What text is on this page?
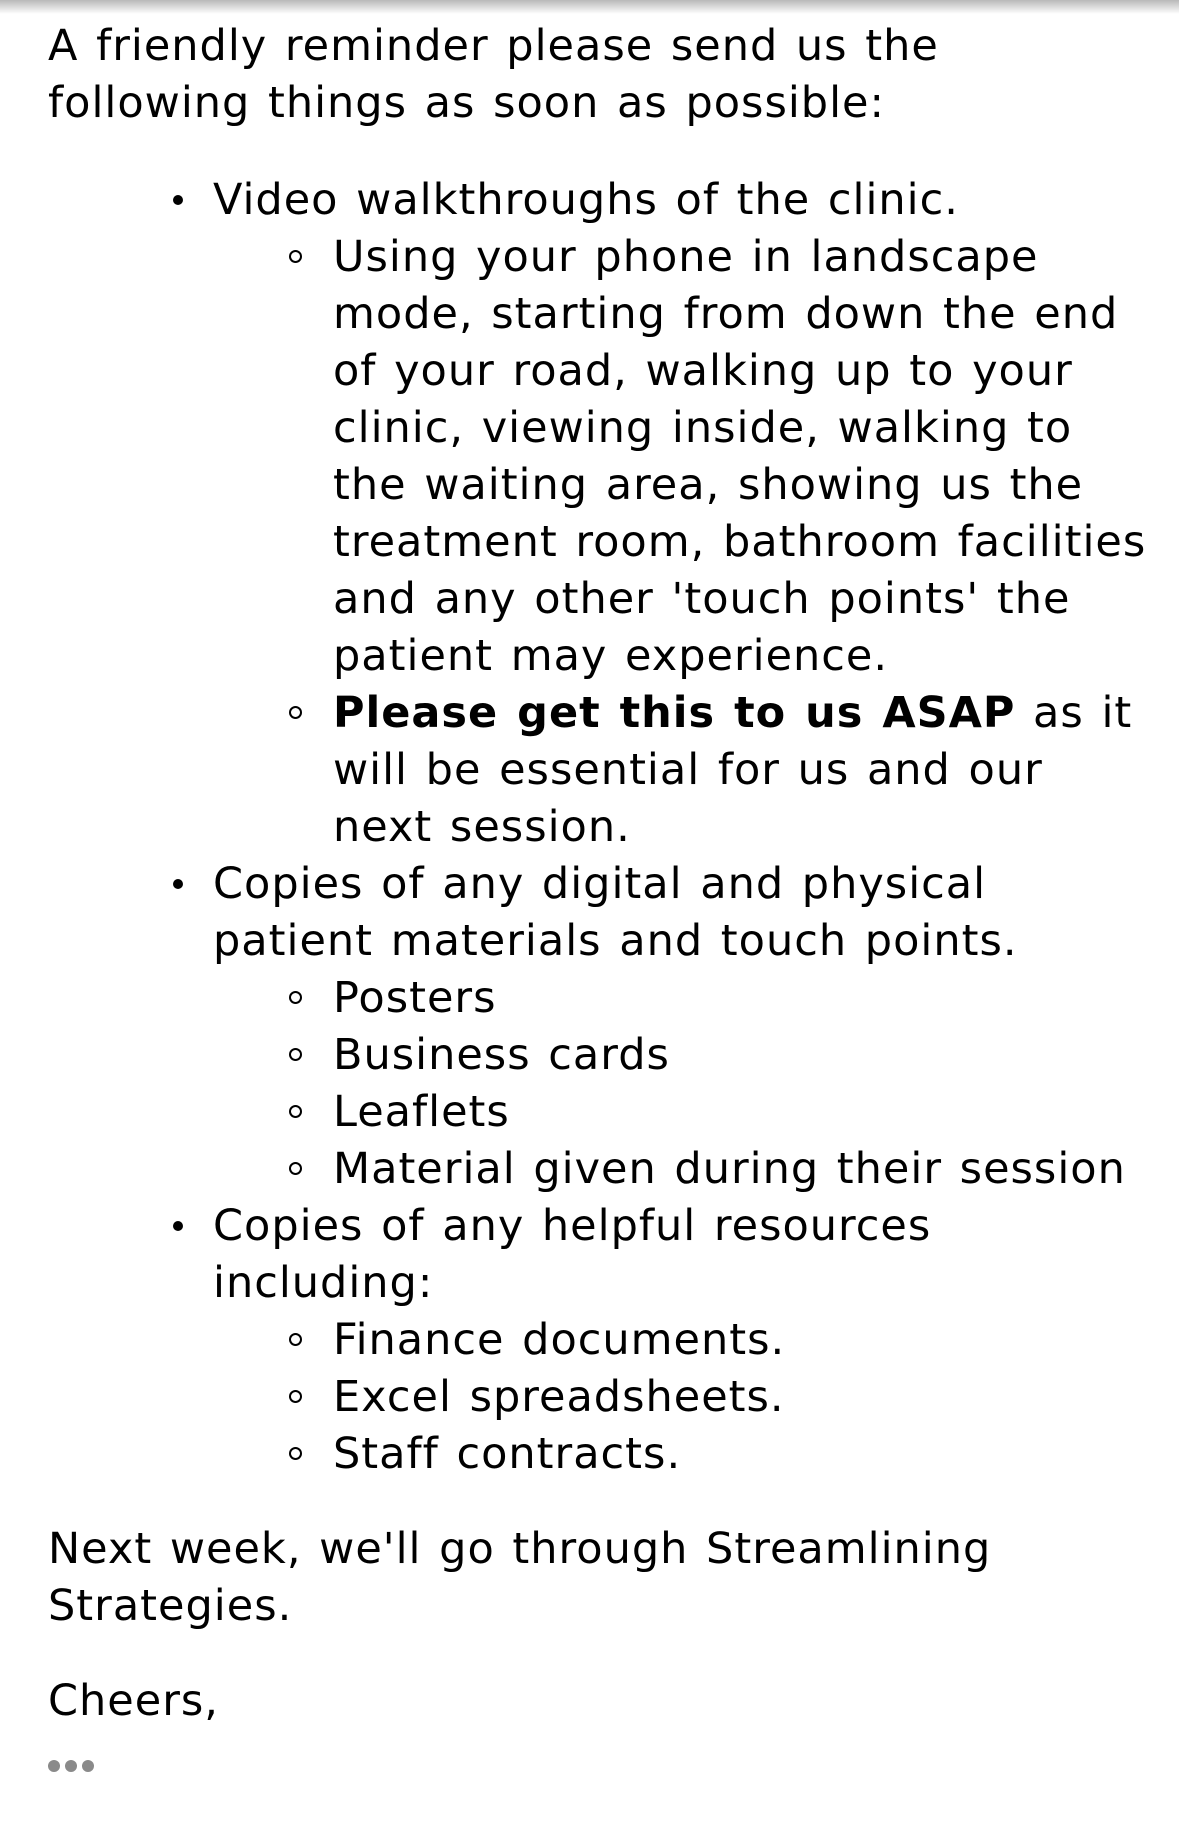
A friendly reminder please send us the following things as soon as possible:

Video walkthroughs of the clinic.
Using your phone in landscape mode, starting from down the end of your road, walking up to your clinic, viewing inside, walking to the waiting area, showing us the treatment room, bathroom facilities and any other 'touch points' the patient may experience.
Please get this to us ASAP as it will be essential for us and our next session.
Copies of any digital and physical patient materials and touch points.
Posters
Business cards
Leaflets
Material given during their session
Copies of any helpful resources including:
Finance documents.
Excel spreadsheets.
Staff contracts.

Next week, we'll go through Streamlining Strategies.

Cheers,
